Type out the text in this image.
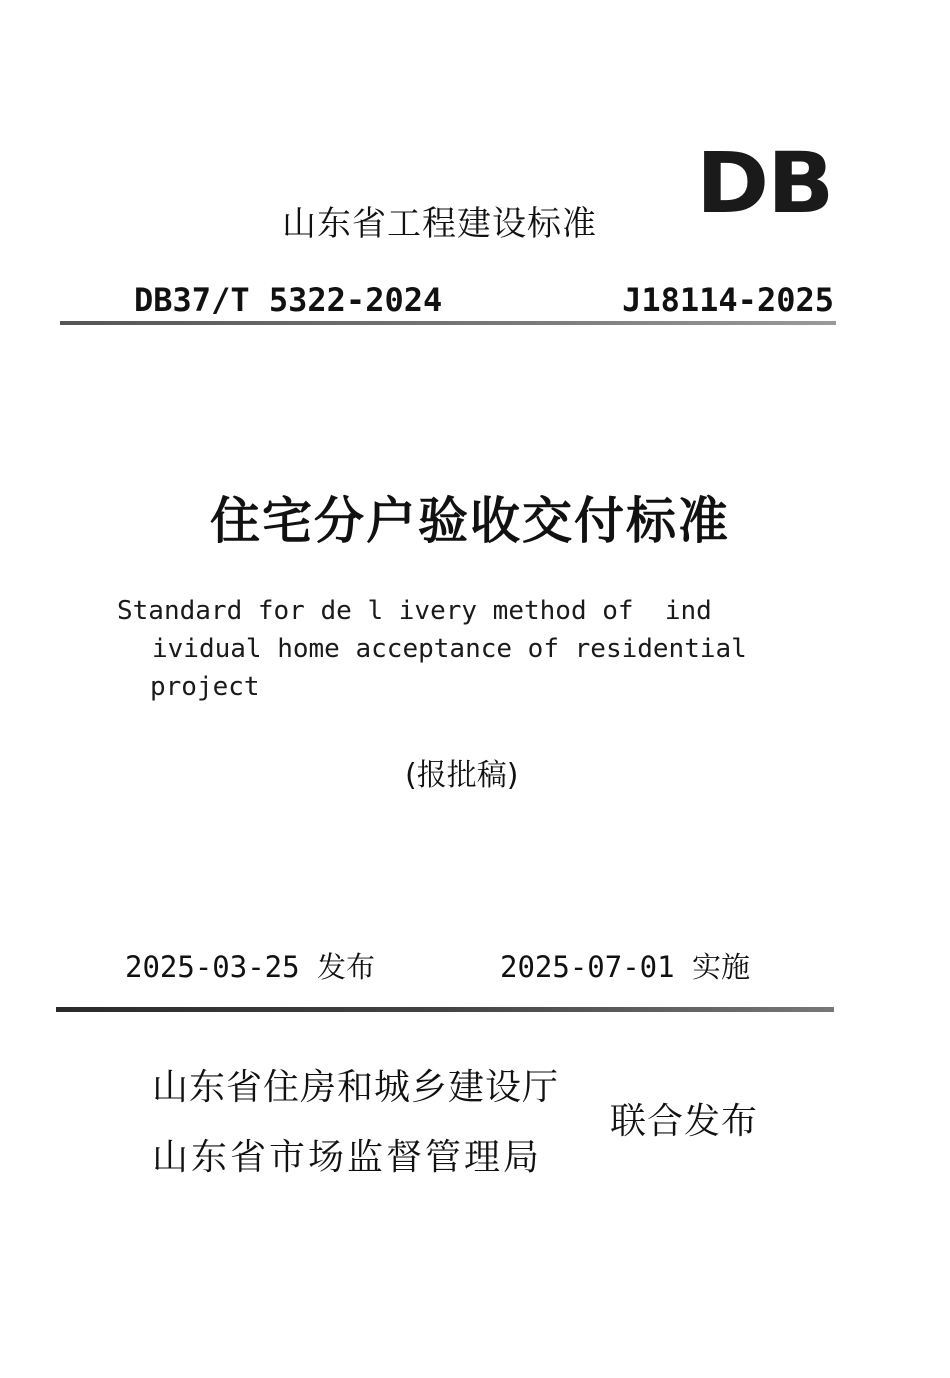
DB
山东省工程建设标准
DB37/T 5322-2024	J18114-2025
住宅分户验收交付标准
Standard for de l ivery method of  ind
ividual home acceptance of residential
project
(报批稿)
2025-03-25 发布	2025-07-01 实施
山东省住房和城乡建设厅
山东省市场监督管理局
联合发布
